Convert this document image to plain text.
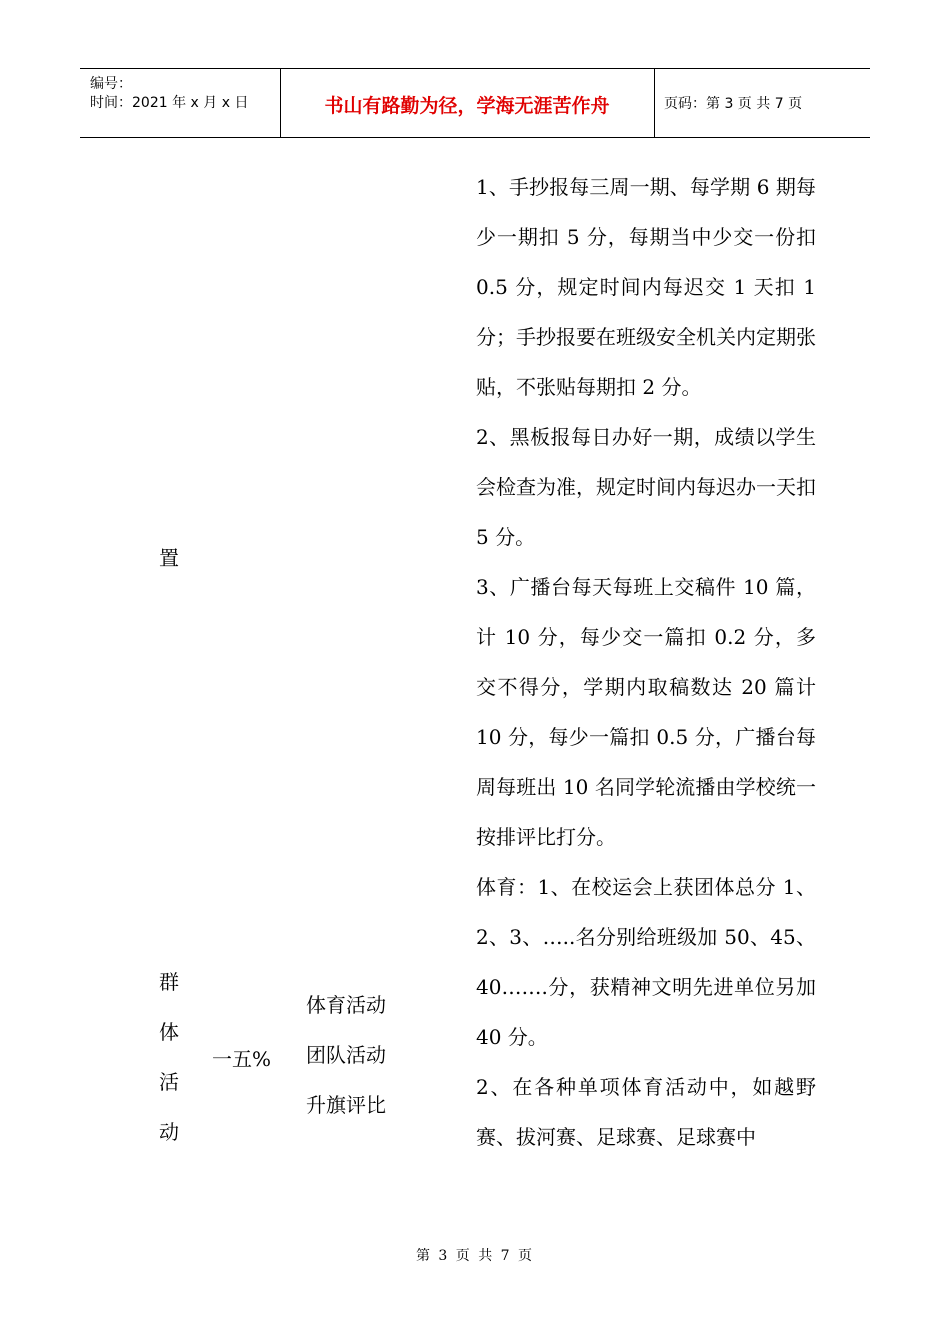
编号：
时间：2021 年 x 月 x 日	书山有路勤为径，学海无涯苦作舟	页码：第 3 页 共 7 页
置
群
体
活
动
一五%
体育活动
团队活动
升旗评比

1、手抄报每三周一期、每学期 6 期每少一期扣 5 分，每期当中少交一份扣 0.5 分，规定时间内每迟交 1 天扣 1 分；手抄报要在班级安全机关内定期张贴，不张贴每期扣 2 分。

2、黑板报每日办好一期，成绩以学生会检查为准，规定时间内每迟办一天扣 5 分。

3、广播台每天每班上交稿件 10 篇，计 10 分，每少交一篇扣 0.2 分，多交不得分，学期内取稿数达 20 篇计 10 分，每少一篇扣 0.5 分，广播台每周每班出 10 名同学轮流播由学校统一按排评比打分。

体育：1、在校运会上获团体总分 1、2、3、…..名分别给班级加 50、45、40…….分，获精神文明先进单位另加 40 分。

2、在各种单项体育活动中，如越野赛、拔河赛、足球赛、足球赛中

第 3 页 共 7 页
